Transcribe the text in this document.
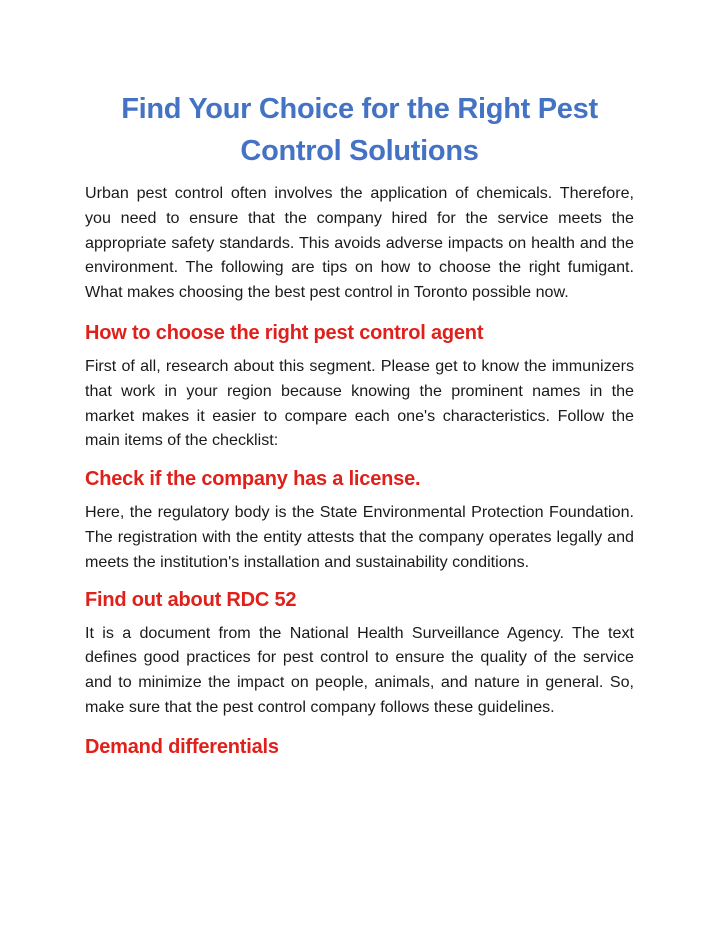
Find Your Choice for the Right Pest Control Solutions

Urban pest control often involves the application of chemicals. Therefore, you need to ensure that the company hired for the service meets the appropriate safety standards. This avoids adverse impacts on health and the environment. The following are tips on how to choose the right fumigant. What makes choosing the best pest control in Toronto possible now.

How to choose the right pest control agent

First of all, research about this segment. Please get to know the immunizers that work in your region because knowing the prominent names in the market makes it easier to compare each one's characteristics. Follow the main items of the checklist:

Check if the company has a license.

Here, the regulatory body is the State Environmental Protection Foundation. The registration with the entity attests that the company operates legally and meets the institution's installation and sustainability conditions.

Find out about RDC 52

It is a document from the National Health Surveillance Agency. The text defines good practices for pest control to ensure the quality of the service and to minimize the impact on people, animals, and nature in general. So, make sure that the pest control company follows these guidelines.

Demand differentials
